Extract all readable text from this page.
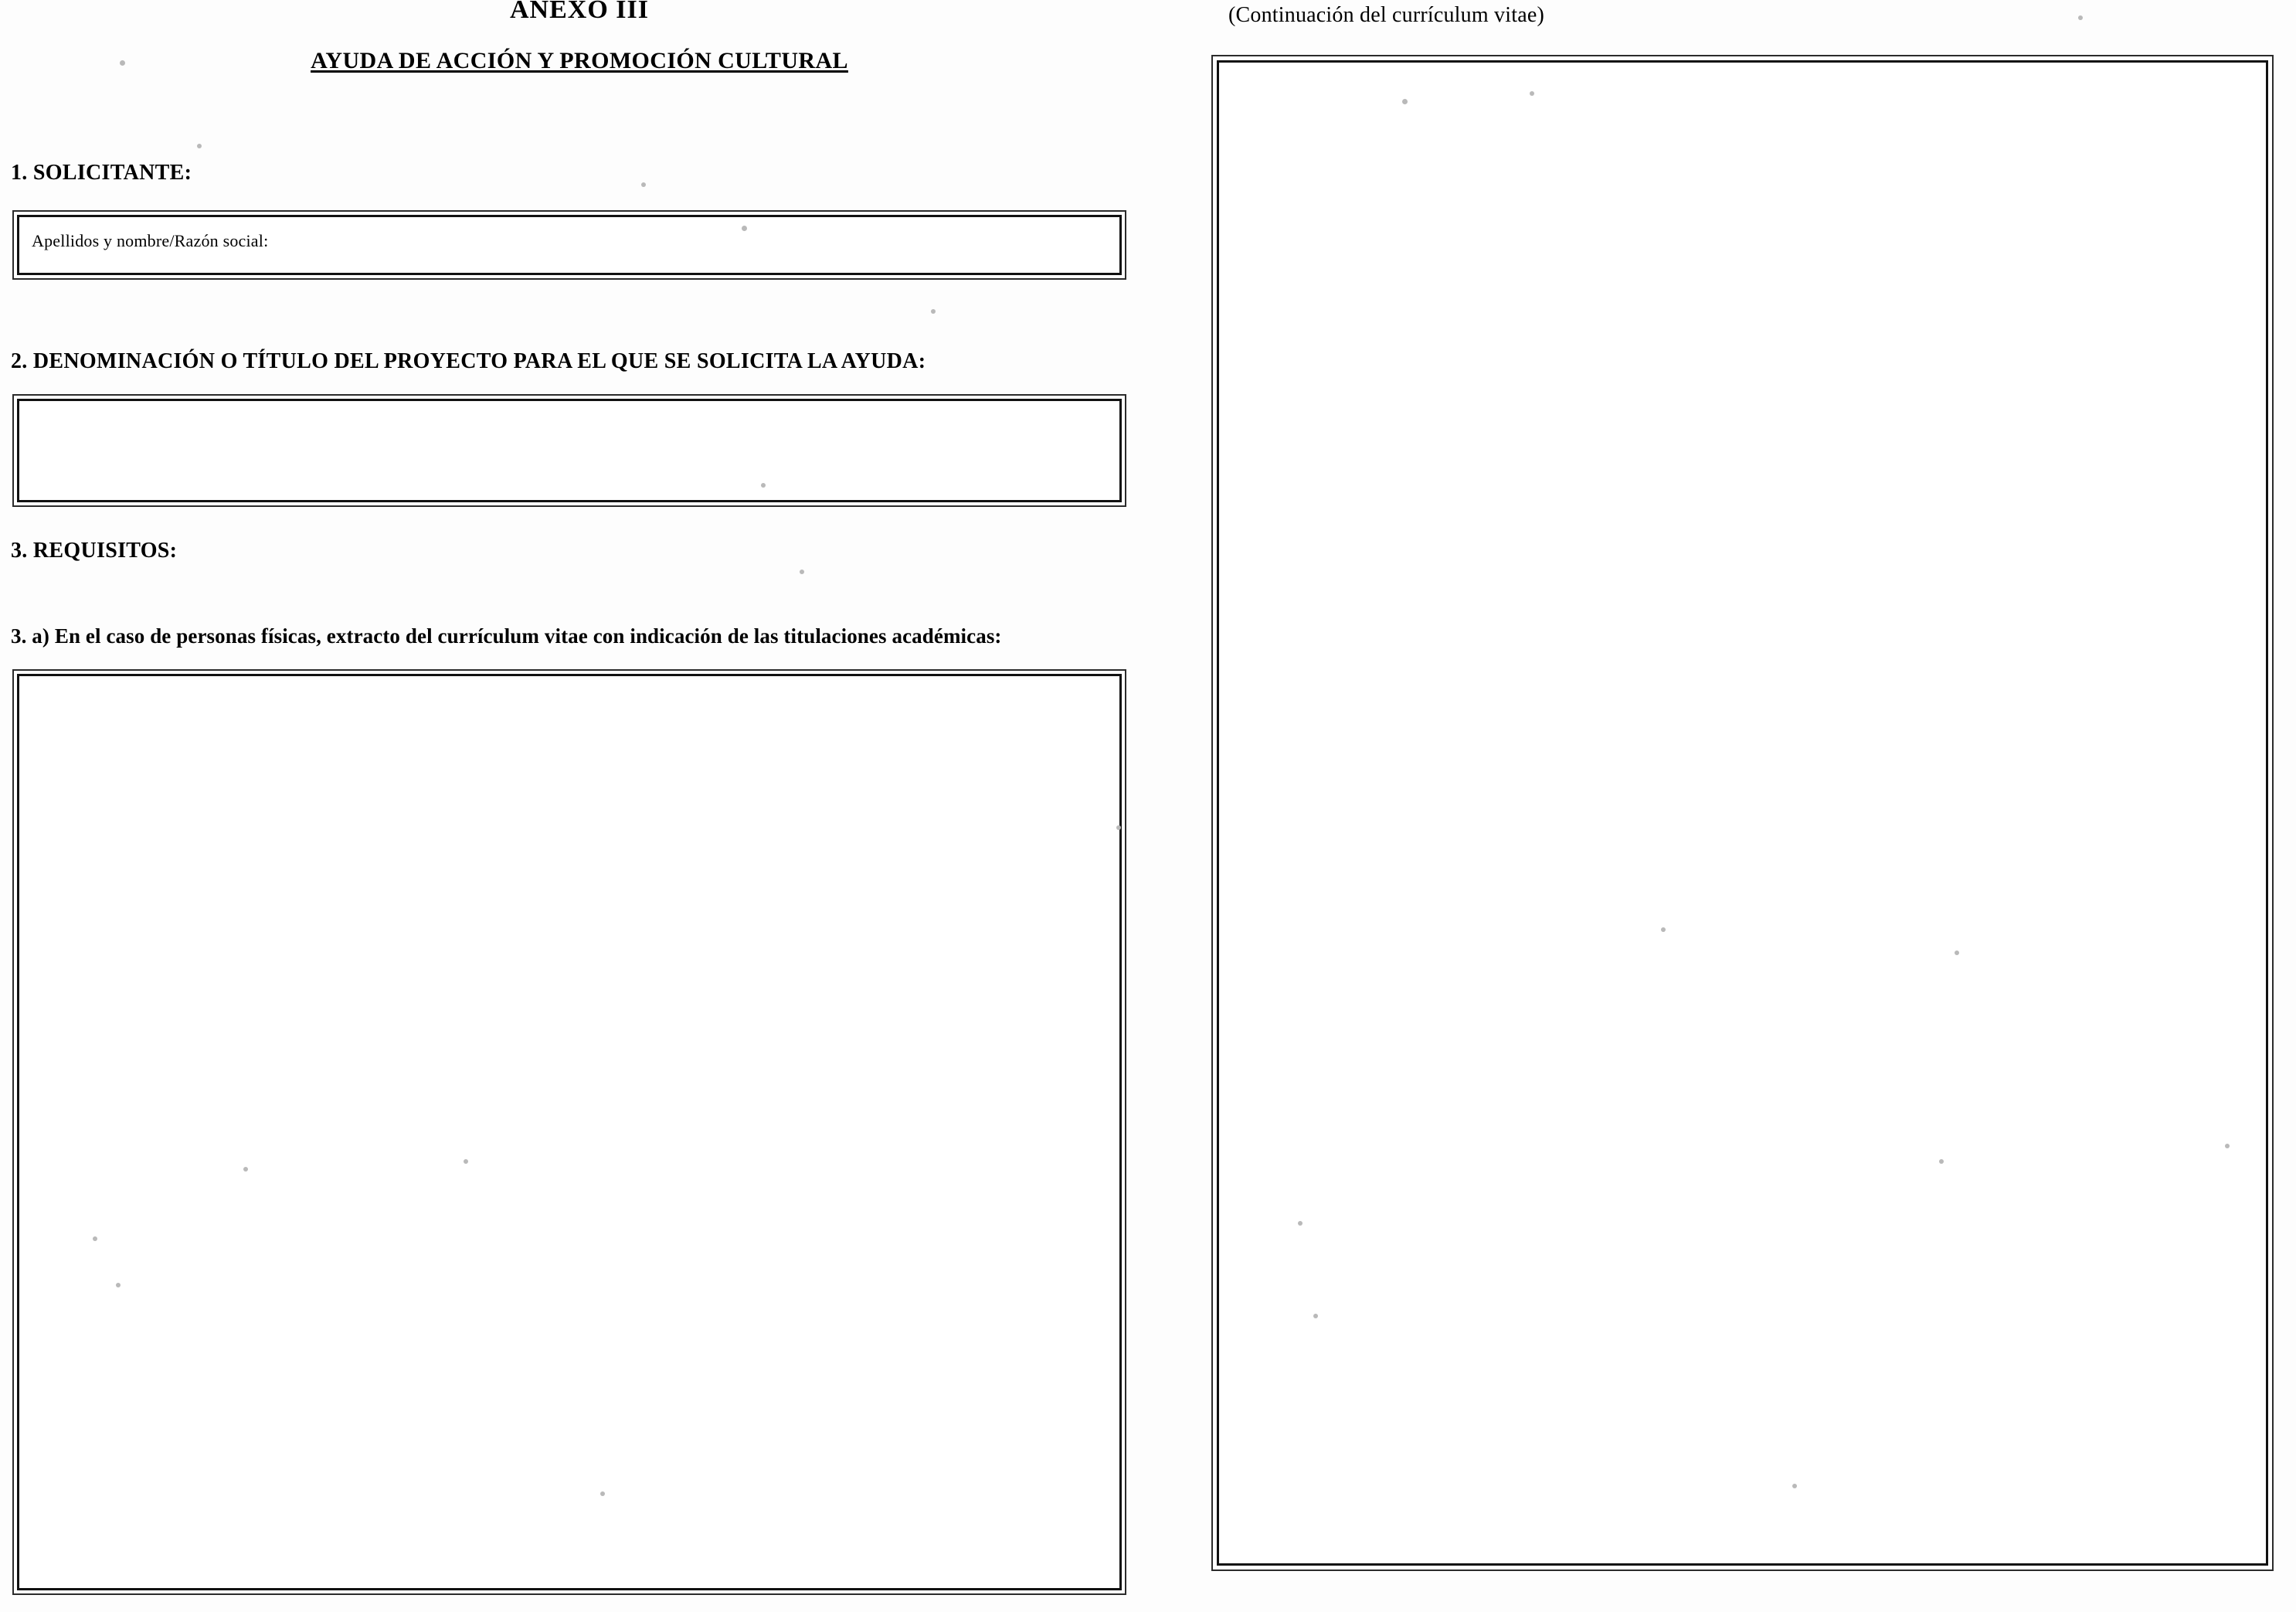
ANEXO III
AYUDA DE ACCIÓN Y PROMOCIÓN CULTURAL
1. SOLICITANTE:
Apellidos y nombre/Razón social:
2. DENOMINACIÓN O TÍTULO DEL PROYECTO PARA EL QUE SE SOLICITA LA AYUDA:
3. REQUISITOS:
3. a) En el caso de personas físicas, extracto del currículum vitae con indicación de las titulaciones académicas:
(Continuación del currículum vitae)
